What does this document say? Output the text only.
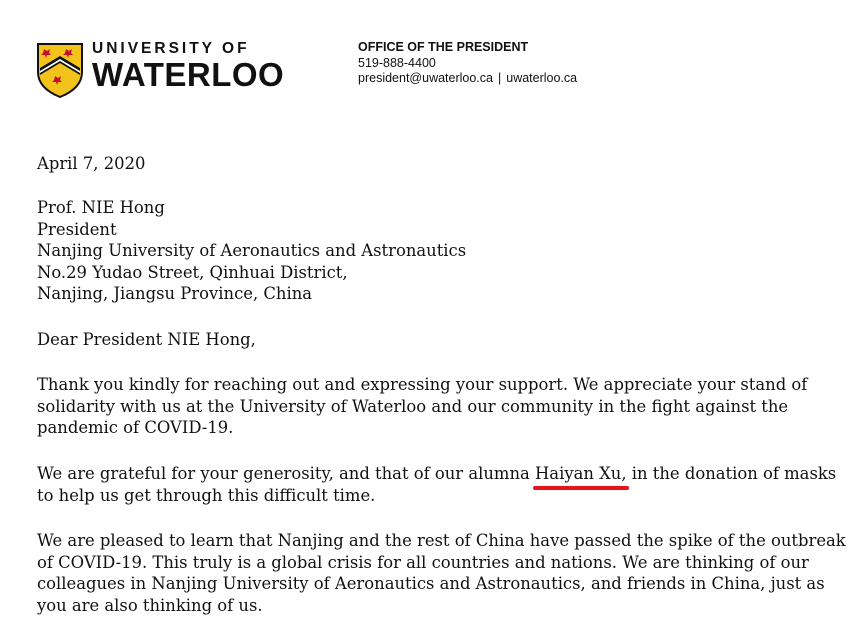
UNIVERSITY OF
WATERLOO
OFFICE OF THE PRESIDENT
519-888-4400
president@uwaterloo.ca | uwaterloo.ca

April 7, 2020

Prof. NIE Hong

President

Nanjing University of Aeronautics and Astronautics

No.29 Yudao Street, Qinhuai District,

Nanjing, Jiangsu Province, China

Dear President NIE Hong,

Thank you kindly for reaching out and expressing your support. We appreciate your stand of

solidarity with us at the University of Waterloo and our community in the fight against the

pandemic of COVID-19.

We are grateful for your generosity, and that of our alumna Haiyan Xu,
in the donation of masks

to help us get through this difficult time.

We are pleased to learn that Nanjing and the rest of China have passed the spike of the outbreak

of COVID-19. This truly is a global crisis for all countries and nations. We are thinking of our

colleagues in Nanjing University of Aeronautics and Astronautics, and friends in China, just as

you are also thinking of us.
